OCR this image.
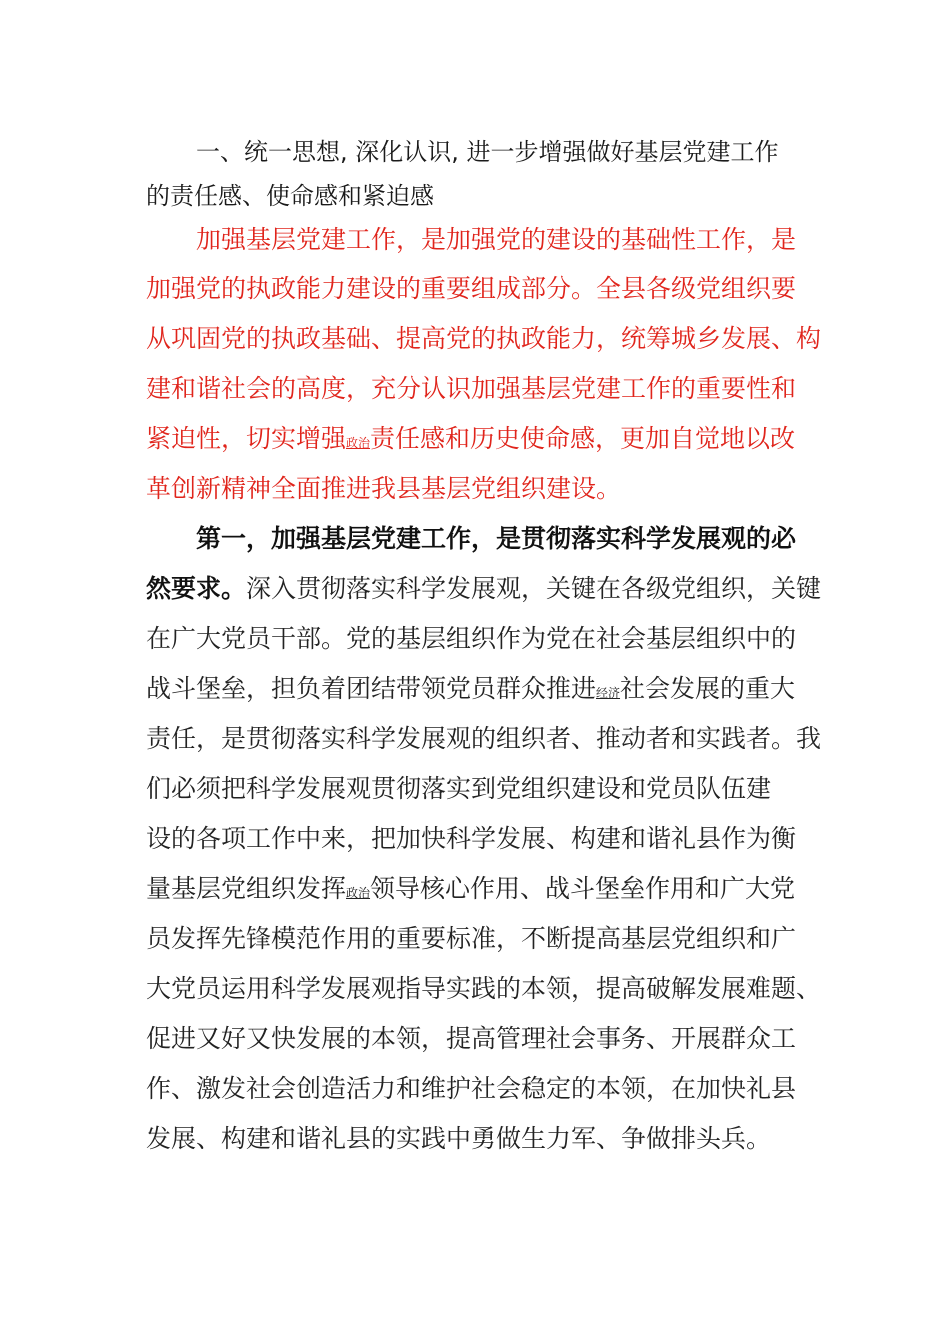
一、统一思想, 深化认识, 进一步增强做好基层党建工作
的责任感、使命感和紧迫感
加强基层党建工作，是加强党的建设的基础性工作，是
加强党的执政能力建设的重要组成部分。全县各级党组织要
从巩固党的执政基础、提高党的执政能力，统筹城乡发展、构
建和谐社会的高度，充分认识加强基层党建工作的重要性和
紧迫性，切实增强政治责任感和历史使命感，更加自觉地以改
革创新精神全面推进我县基层党组织建设。
第一，加强基层党建工作，是贯彻落实科学发展观的必
然要求。深入贯彻落实科学发展观，关键在各级党组织，关键
在广大党员干部。党的基层组织作为党在社会基层组织中的
战斗堡垒，担负着团结带领党员群众推进经济社会发展的重大
责任，是贯彻落实科学发展观的组织者、推动者和实践者。我
们必须把科学发展观贯彻落实到党组织建设和党员队伍建
设的各项工作中来，把加快科学发展、构建和谐礼县作为衡
量基层党组织发挥政治领导核心作用、战斗堡垒作用和广大党
员发挥先锋模范作用的重要标准，不断提高基层党组织和广
大党员运用科学发展观指导实践的本领，提高破解发展难题、
促进又好又快发展的本领，提高管理社会事务、开展群众工
作、激发社会创造活力和维护社会稳定的本领，在加快礼县
发展、构建和谐礼县的实践中勇做生力军、争做排头兵。
